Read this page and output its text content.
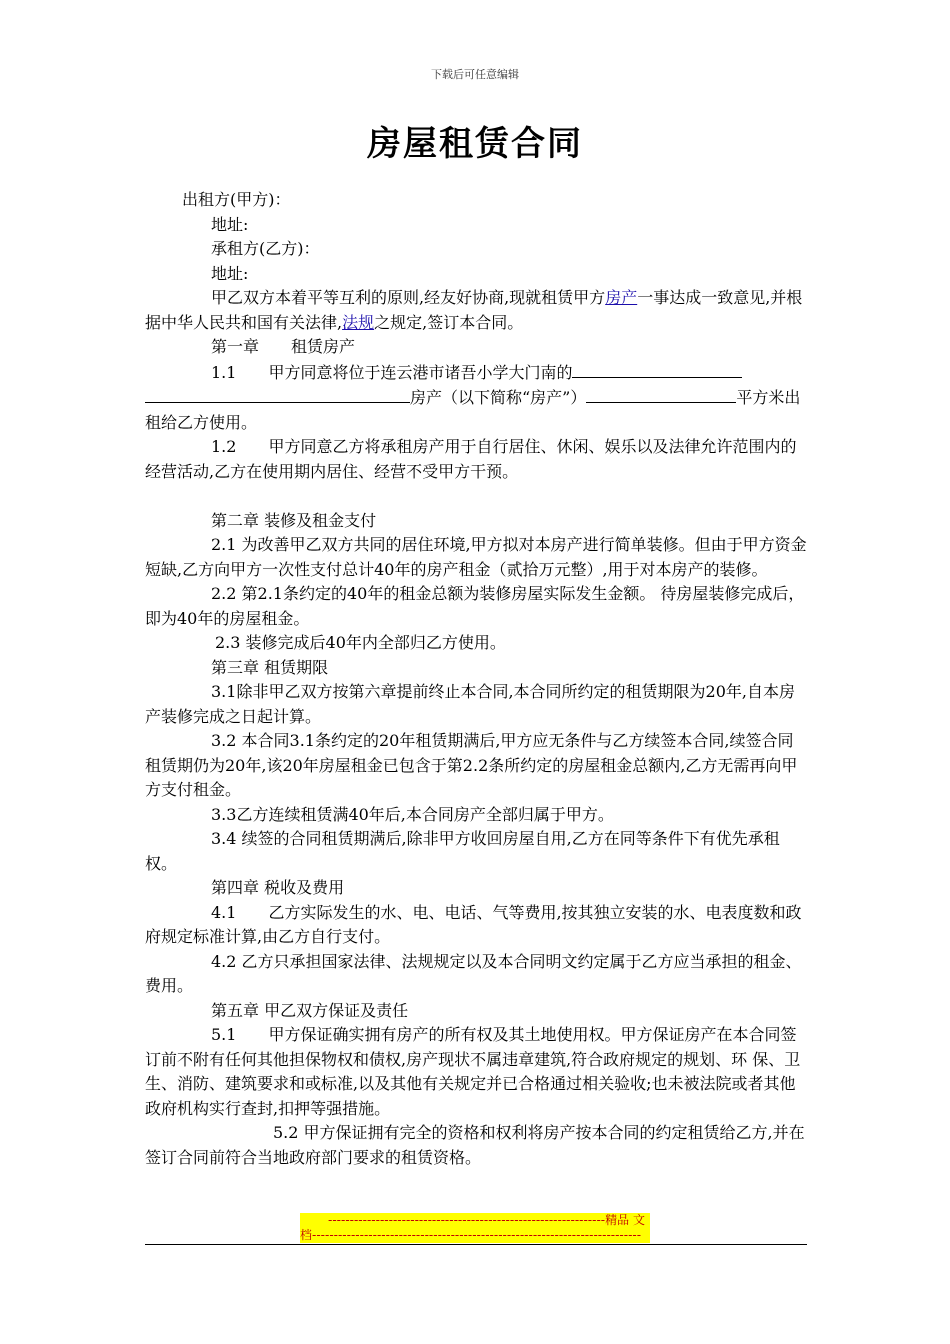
下载后可任意编辑
房屋租赁合同

出租方(甲方)：

地址:

承租方(乙方)：

地址:

甲乙双方本着平等互利的原则,经友好协商,现就租赁甲方房产一事达成一致意见,并根据中华人民共和国有关法律,法规之规定,签订本合同。

第一章　　租赁房产

1.1　　甲方同意将位于连云港市诸吾小学大门南的房产（以下简称“房产”）	平方米出租给乙方使用。

1.2　　甲方同意乙方将承租房产用于自行居住、休闲、娱乐以及法律允许范围内的经营活动,乙方在使用期内居住、经营不受甲方干预。

第二章 装修及租金支付

2.1 为改善甲乙双方共同的居住环境,甲方拟对本房产进行简单装修。但由于甲方资金短缺,乙方向甲方一次性支付总计40年的房产租金（贰拾万元整）,用于对本房产的装修。

2.2 第2.1条约定的40年的租金总额为装修房屋实际发生金额。 待房屋装修完成后， 即为40年的房屋租金。

2.3 装修完成后40年内全部归乙方使用。

第三章 租赁期限

3.1除非甲乙双方按第六章提前终止本合同,本合同所约定的租赁期限为20年,自本房产装修完成之日起计算。

3.2 本合同3.1条约定的20年租赁期满后,甲方应无条件与乙方续签本合同,续签合同租赁期仍为20年,该20年房屋租金已包含于第2.2条所约定的房屋租金总额内,乙方无需再向甲方支付租金。

3.3乙方连续租赁满40年后,本合同房产全部归属于甲方。

3.4 续签的合同租赁期满后,除非甲方收回房屋自用,乙方在同等条件下有优先承租权。

第四章 税收及费用

4.1　　乙方实际发生的水、电、电话、气等费用,按其独立安装的水、电表度数和政府规定标准计算,由乙方自行支付。

4.2 乙方只承担国家法律、法规规定以及本合同明文约定属于乙方应当承担的租金、费用。

第五章 甲乙双方保证及责任

5.1　　甲方保证确实拥有房产的所有权及其土地使用权。甲方保证房产在本合同签订前不附有任何其他担保物权和债权,房产现状不属违章建筑,符合政府规定的规划、环 保、卫生、消防、建筑要求和或标准,以及其他有关规定并已合格通过相关验收;也未被法院或者其他政府机构实行查封,扣押等强措施。

5.2 甲方保证拥有完全的资格和权利将房产按本合同的约定租赁给乙方,并在签订合同前符合当地政府部门要求的租赁资格。

----------------------------------------------------------------精品 文
档----------------------------------------------------------------------------
